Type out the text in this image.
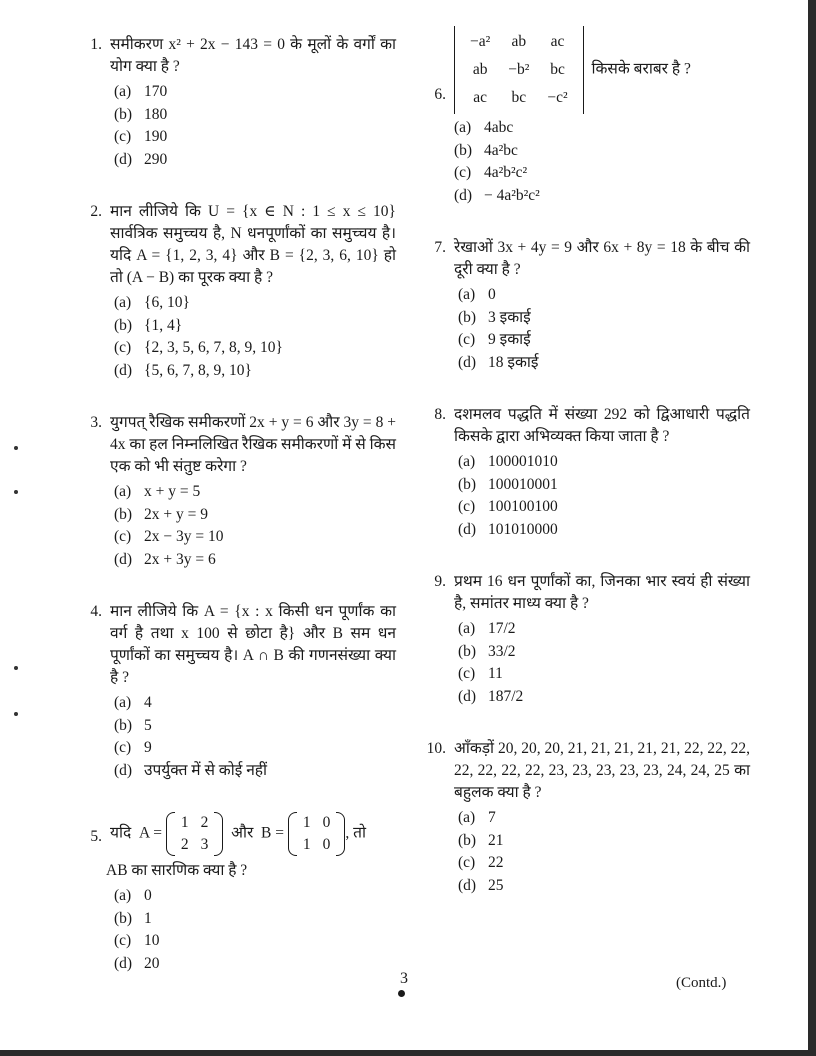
1. समीकरण x² + 2x − 143 = 0 के मूलों के वर्गों का योग क्या है ?
(a) 170
(b) 180
(c) 190
(d) 290
2. मान लीजिये कि U = {x ∈ N : 1 ≤ x ≤ 10} सार्वत्रिक समुच्चय है, N धनपूर्णांकों का समुच्चय है। यदि A = {1, 2, 3, 4} और B = {2, 3, 6, 10} हो तो (A − B) का पूरक क्या है ?
(a) {6, 10}
(b) {1, 4}
(c) {2, 3, 5, 6, 7, 8, 9, 10}
(d) {5, 6, 7, 8, 9, 10}
3. युगपत् रैखिक समीकरणों 2x + y = 6 और 3y = 8 + 4x का हल निम्नलिखित रैखिक समीकरणों में से किस एक को भी संतुष्ट करेगा ?
(a) x + y = 5
(b) 2x + y = 9
(c) 2x − 3y = 10
(d) 2x + 3y = 6
4. मान लीजिये कि A = {x : x किसी धन पूर्णांक का वर्ग है तथा x 100 से छोटा है} और B सम धन पूर्णांकों का समुच्चय है। A ∩ B की गणनसंख्या क्या है ?
(a) 4
(b) 5
(c) 9
(d) उपर्युक्त में से कोई नहीं
5. यदि A =
1	2
2	3
और B =
1	0
1	0
, तो
AB का सारणिक क्या है ?
(a) 0
(b) 1
(c) 10
(d) 20
6.
−a²	ab	ac
ab	−b²	bc
ac	bc	−c²
किसके बराबर है ?
(a) 4abc
(b) 4a²bc
(c) 4a²b²c²
(d) − 4a²b²c²
7. रेखाओं 3x + 4y = 9 और 6x + 8y = 18 के बीच की दूरी क्या है ?
(a) 0
(b) 3 इकाई
(c) 9 इकाई
(d) 18 इकाई
8. दशमलव पद्धति में संख्या 292 को द्विआधारी पद्धति किसके द्वारा अभिव्यक्त किया जाता है ?
(a) 100001010
(b) 100010001
(c) 100100100
(d) 101010000
9. प्रथम 16 धन पूर्णांकों का, जिनका भार स्वयं ही संख्या है, समांतर माध्य क्या है ?
(a) 17/2
(b) 33/2
(c) 11
(d) 187/2
10. आँकड़ों 20, 20, 20, 21, 21, 21, 21, 21, 22, 22, 22, 22, 22, 22, 22, 23, 23, 23, 23, 23, 24, 24, 25 का बहुलक क्या है ?
(a) 7
(b) 21
(c) 22
(d) 25
3	(Contd.)
